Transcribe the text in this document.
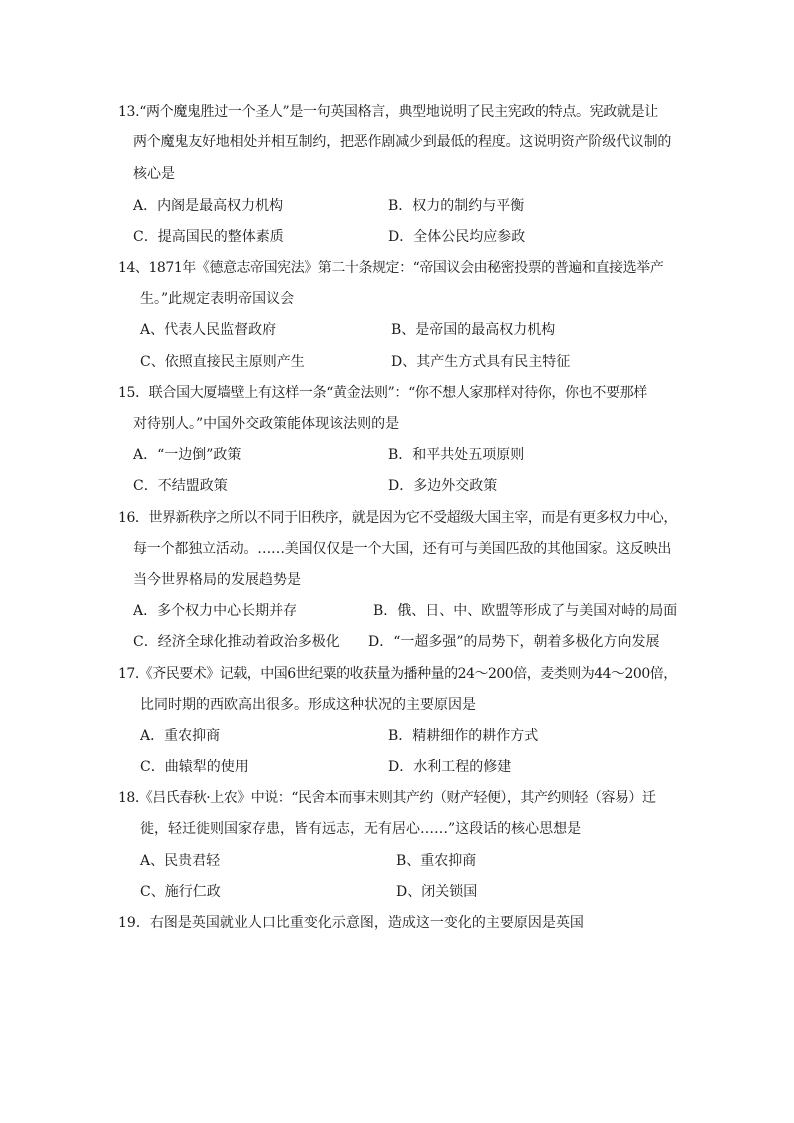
13.“两个魔鬼胜过一个圣人”是一句英国格言，典型地说明了民主宪政的特点。宪政就是让
两个魔鬼友好地相处并相互制约，把恶作剧减少到最低的程度。这说明资产阶级代议制的
核心是
A．内阁是最高权力机构	B．权力的制约与平衡
C．提高国民的整体素质	D．全体公民均应参政
14、1871年《德意志帝国宪法》第二十条规定：“帝国议会由秘密投票的普遍和直接选举产
生。”此规定表明帝国议会
A、代表人民监督政府	B、是帝国的最高权力机构
C、依照直接民主原则产生	D、其产生方式具有民主特征
15．联合国大厦墙壁上有这样一条“黄金法则”：“你不想人家那样对待你，你也不要那样
对待别人。”中国外交政策能体现该法则的是
A．“一边倒”政策	B．和平共处五项原则
C．不结盟政策	D．多边外交政策
16．世界新秩序之所以不同于旧秩序，就是因为它不受超级大国主宰，而是有更多权力中心，
每一个都独立活动。……美国仅仅是一个大国，还有可与美国匹敌的其他国家。这反映出
当今世界格局的发展趋势是
A．多个权力中心长期并存	B．俄、日、中、欧盟等形成了与美国对峙的局面
C．经济全球化推动着政治多极化 D．“一超多强”的局势下，朝着多极化方向发展
17.《齐民要术》记载，中国6世纪粟的收获量为播种量的24～200倍，麦类则为44～200倍，
比同时期的西欧高出很多。形成这种状况的主要原因是
A．重农抑商	B．精耕细作的耕作方式
C．曲辕犁的使用	D．水利工程的修建
18.《吕氏春秋·上农》中说：“民舍本而事末则其产约（财产轻便），其产约则轻（容易）迁
徙，轻迁徙则国家存患，皆有远志，无有居心……”这段话的核心思想是
A、民贵君轻	B、重农抑商
C、施行仁政	D、闭关锁国
19．右图是英国就业人口比重变化示意图，造成这一变化的主要原因是英国
